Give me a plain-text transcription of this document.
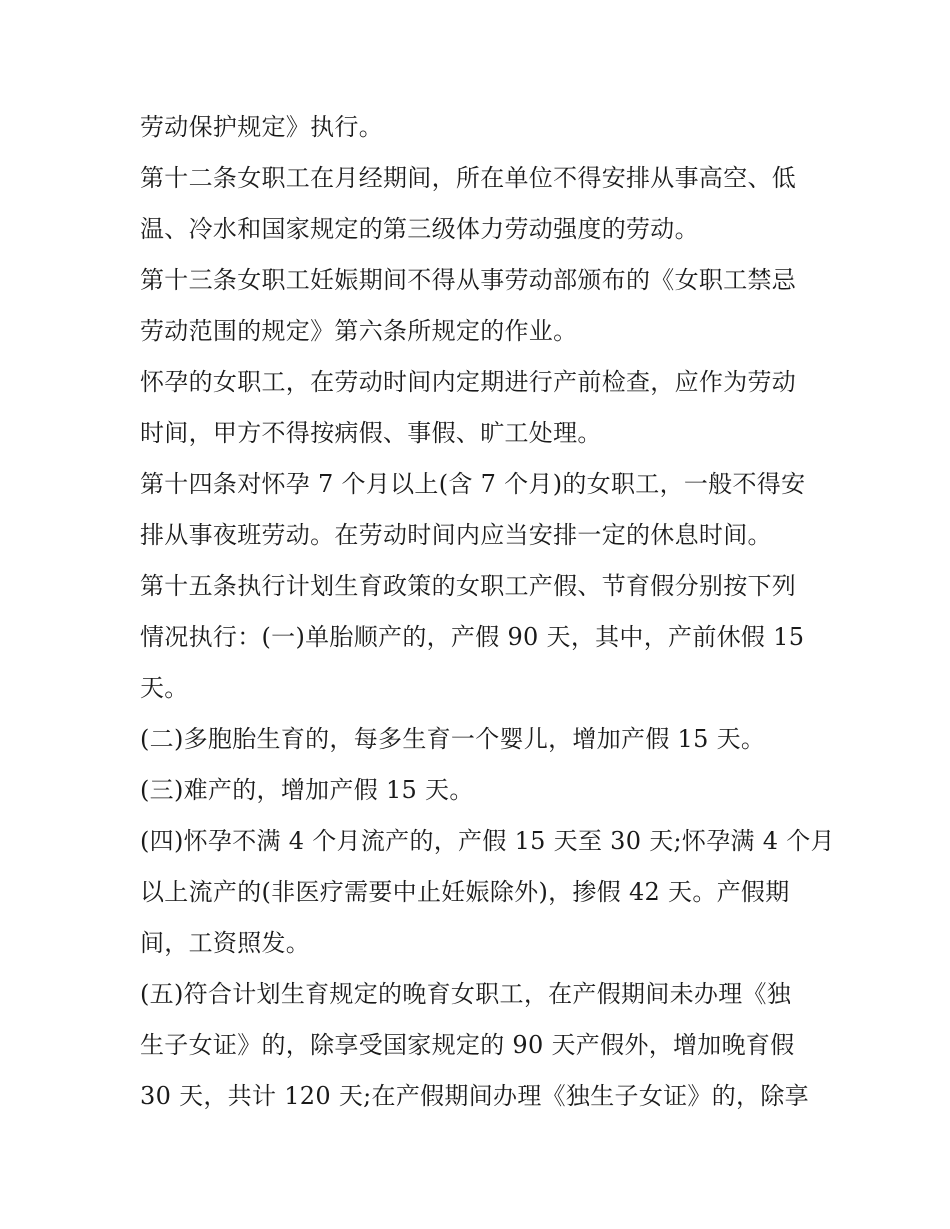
劳动保护规定》执行。
第十二条女职工在月经期间，所在单位不得安排从事高空、低
温、冷水和国家规定的第三级体力劳动强度的劳动。
第十三条女职工妊娠期间不得从事劳动部颁布的《女职工禁忌
劳动范围的规定》第六条所规定的作业。
怀孕的女职工，在劳动时间内定期进行产前检查，应作为劳动
时间，甲方不得按病假、事假、旷工处理。
第十四条对怀孕 7 个月以上(含 7 个月)的女职工，一般不得安
排从事夜班劳动。在劳动时间内应当安排一定的休息时间。
第十五条执行计划生育政策的女职工产假、节育假分别按下列
情况执行：(一)单胎顺产的，产假 90 天，其中，产前休假 15
天。
(二)多胞胎生育的，每多生育一个婴儿，增加产假 15 天。
(三)难产的，增加产假 15 天。
(四)怀孕不满 4 个月流产的，产假 15 天至 30 天;怀孕满 4 个月
以上流产的(非医疗需要中止妊娠除外)，掺假 42 天。产假期
间，工资照发。
(五)符合计划生育规定的晚育女职工，在产假期间未办理《独
生子女证》的，除享受国家规定的 90 天产假外，增加晚育假
30 天，共计 120 天;在产假期间办理《独生子女证》的，除享
